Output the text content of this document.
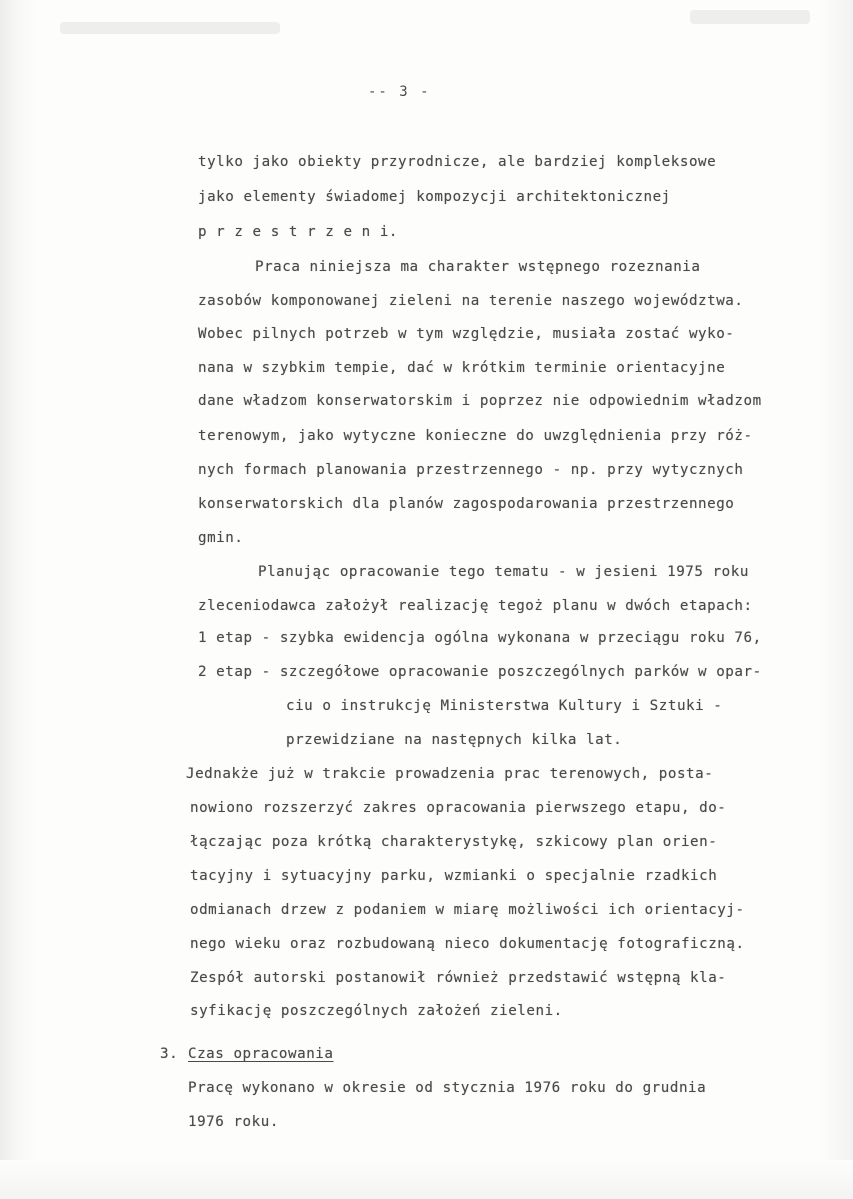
-- 3 -
tylko jako obiekty przyrodnicze, ale bardziej kompleksowe
jako elementy świadomej kompozycji architektonicznej
p r z e s t r z e n i.
Praca niniejsza ma charakter wstępnego rozeznania
zasobów komponowanej zieleni na terenie naszego województwa.
Wobec pilnych potrzeb w tym względzie, musiała zostać wyko-
nana w szybkim tempie, dać w krótkim terminie orientacyjne
dane władzom konserwatorskim i poprzez nie odpowiednim władzom
terenowym, jako wytyczne konieczne do uwzględnienia przy róż-
nych formach planowania przestrzennego - np. przy wytycznych
konserwatorskich dla planów zagospodarowania przestrzennego
gmin.
Planując opracowanie tego tematu - w jesieni 1975 roku
zleceniodawca założył realizację tegoż planu w dwóch etapach:
1 etap - szybka ewidencja ogólna wykonana w przeciągu roku 76,
2 etap - szczegółowe opracowanie poszczególnych parków w opar-
ciu o instrukcję Ministerstwa Kultury i Sztuki -
przewidziane na następnych kilka lat.
Jednakże już w trakcie prowadzenia prac terenowych, posta-
nowiono rozszerzyć zakres opracowania pierwszego etapu, do-
łączając poza krótką charakterystykę, szkicowy plan orien-
tacyjny i sytuacyjny parku, wzmianki o specjalnie rzadkich
odmianach drzew z podaniem w miarę możliwości ich orientacyj-
nego wieku oraz rozbudowaną nieco dokumentację fotograficzną.
Zespół autorski postanowił również przedstawić wstępną kla-
syfikację poszczególnych założeń zieleni.
3. Czas opracowania
Pracę wykonano w okresie od stycznia 1976 roku do grudnia
1976 roku.
